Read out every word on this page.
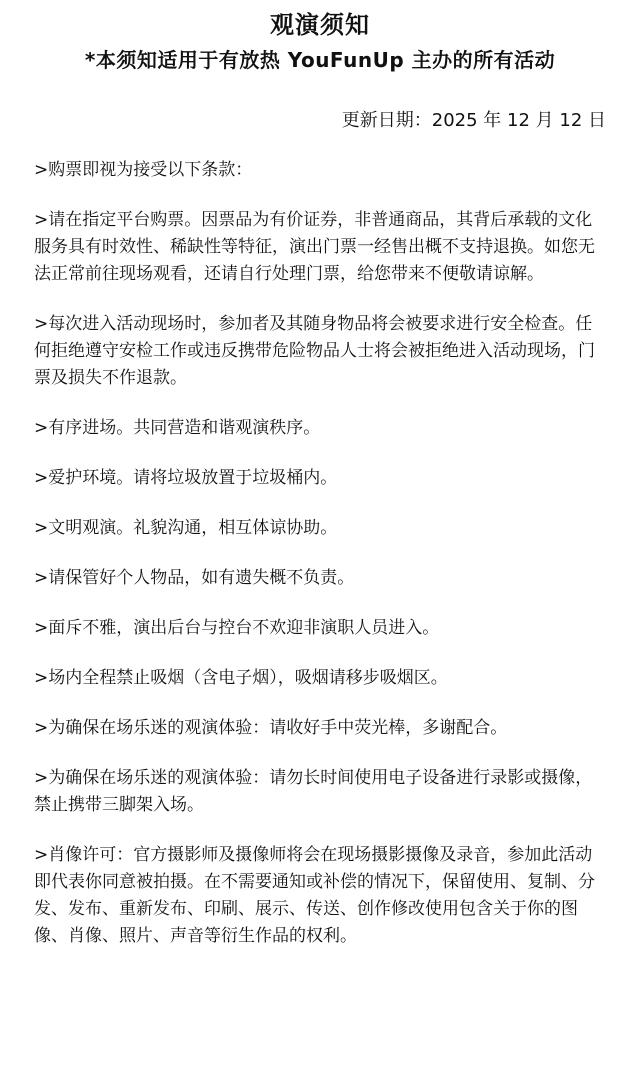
观演须知
*本须知适用于有放热 YouFunUp 主办的所有活动
更新日期：2025 年 12 月 12 日

>购票即视为接受以下条款：

>请在指定平台购票。因票品为有价证券，非普通商品，其背后承载的文化服务具有时效性、稀缺性等特征，演出门票一经售出概不支持退换。如您无法正常前往现场观看，还请自行处理门票，给您带来不便敬请谅解。

>每次进入活动现场时，参加者及其随身物品将会被要求进行安全检查。任何拒绝遵守安检工作或违反携带危险物品人士将会被拒绝进入活动现场，门票及损失不作退款。

>有序进场。共同营造和谐观演秩序。

>爱护环境。请将垃圾放置于垃圾桶内。

>文明观演。礼貌沟通，相互体谅协助。

>请保管好个人物品，如有遗失概不负责。

>面斥不雅，演出后台与控台不欢迎非演职人员进入。

>场内全程禁止吸烟（含电子烟），吸烟请移步吸烟区。

>为确保在场乐迷的观演体验：请收好手中荧光棒，多谢配合。

>为确保在场乐迷的观演体验：请勿长时间使用电子设备进行录影或摄像，禁止携带三脚架入场。

>肖像许可：官方摄影师及摄像师将会在现场摄影摄像及录音，参加此活动即代表你同意被拍摄。在不需要通知或补偿的情况下，保留使用、复制、分发、发布、重新发布、印刷、展示、传送、创作修改使用包含关于你的图像、肖像、照片、声音等衍生作品的权利。
